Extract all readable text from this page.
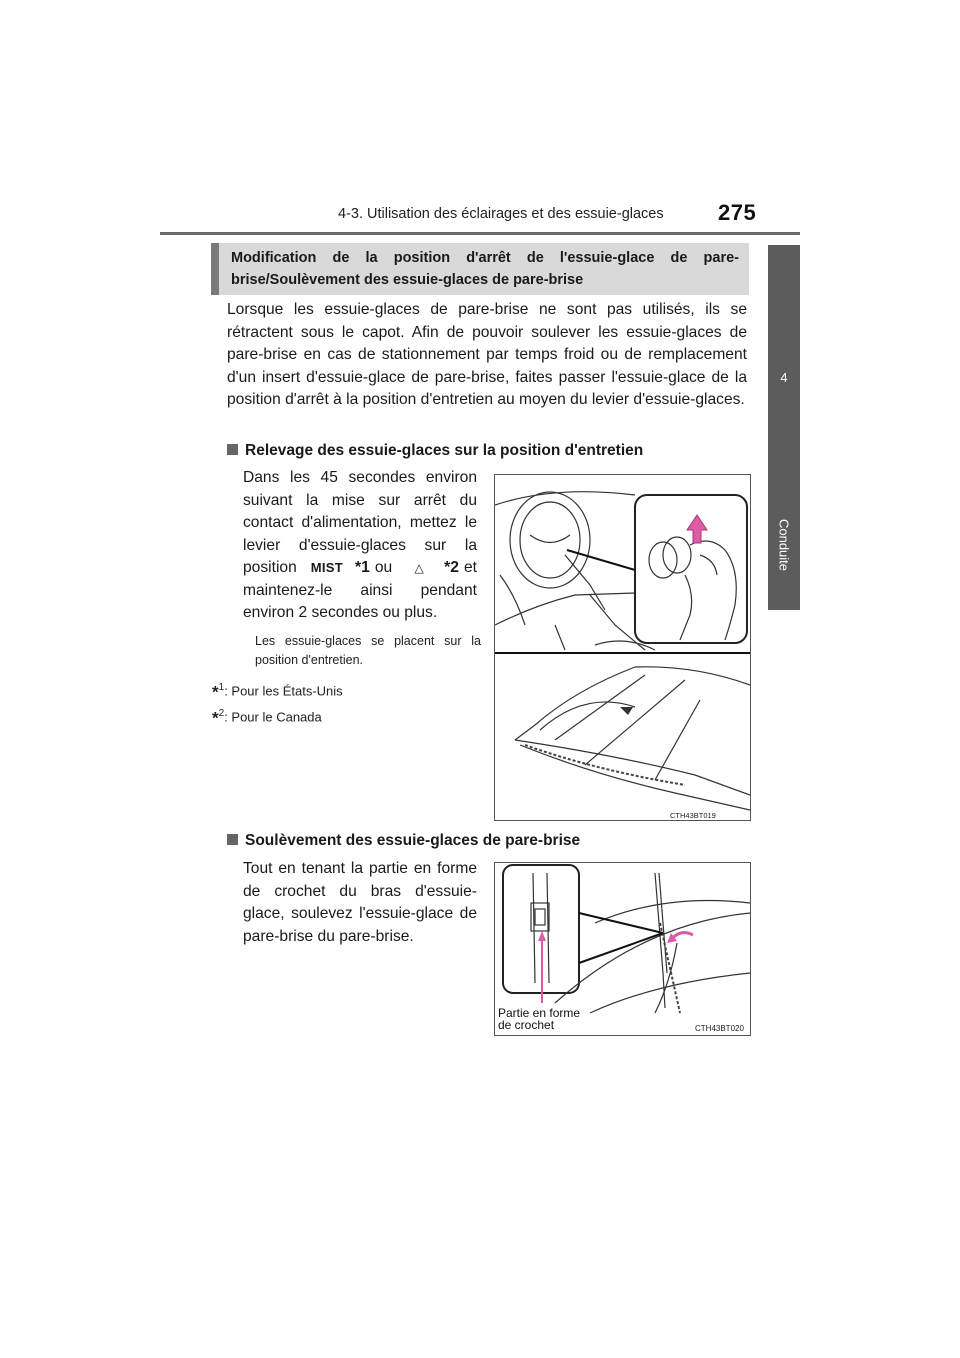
4-3. Utilisation des éclairages et des essuie-glaces 275
4
Conduite
Modification de la position d'arrêt de l'essuie-glace de pare-brise/Soulèvement des essuie-glaces de pare-brise
Lorsque les essuie-glaces de pare-brise ne sont pas utilisés, ils se rétractent sous le capot. Afin de pouvoir soulever les essuie-glaces de pare-brise en cas de stationnement par temps froid ou de remplacement d'un insert d'essuie-glace de pare-brise, faites passer l'essuie-glace de la position d'arrêt à la position d'entretien au moyen du levier d'essuie-glaces.
Relevage des essuie-glaces sur la position d'entretien
Dans les 45 secondes environ suivant la mise sur arrêt du contact d'alimentation, mettez le levier d'essuie-glaces sur la position MIST *1 ou △ *2 et maintenez-le ainsi pendant environ 2 secondes ou plus.
Les essuie-glaces se placent sur la position d'entretien.
*$^1$: Pour les États-Unis
*$^2$: Pour le Canada
CTH43BT019
Soulèvement des essuie-glaces de pare-brise
Tout en tenant la partie en forme de crochet du bras d'essuie-glace, soulevez l'essuie-glace de pare-brise du pare-brise.
CTH43BT020
Partie en forme
de crochet
